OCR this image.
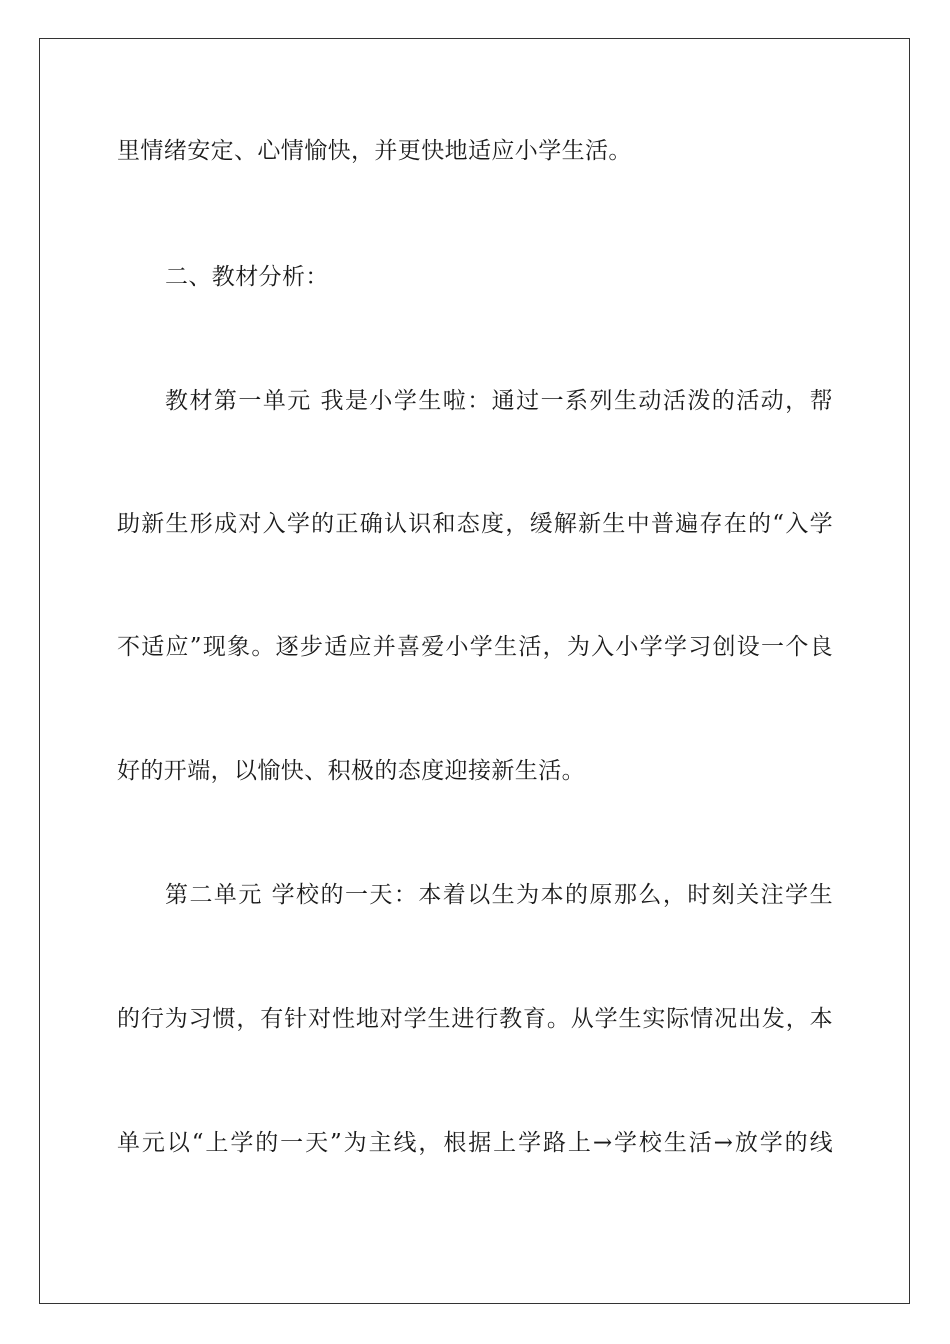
里情绪安定、心情愉快，并更快地适应小学生活。
二、教材分析：
教材第一单元 我是小学生啦：通过一系列生动活泼的活动，帮
助新生形成对入学的正确认识和态度，缓解新生中普遍存在的“入学
不适应”现象。逐步适应并喜爱小学生活，为入小学学习创设一个良
好的开端，以愉快、积极的态度迎接新生活。
第二单元 学校的一天：本着以生为本的原那么，时刻关注学生
的行为习惯，有针对性地对学生进行教育。从学生实际情况出发，本
单元以“上学的一天”为主线，根据上学路上→学校生活→放学的线
